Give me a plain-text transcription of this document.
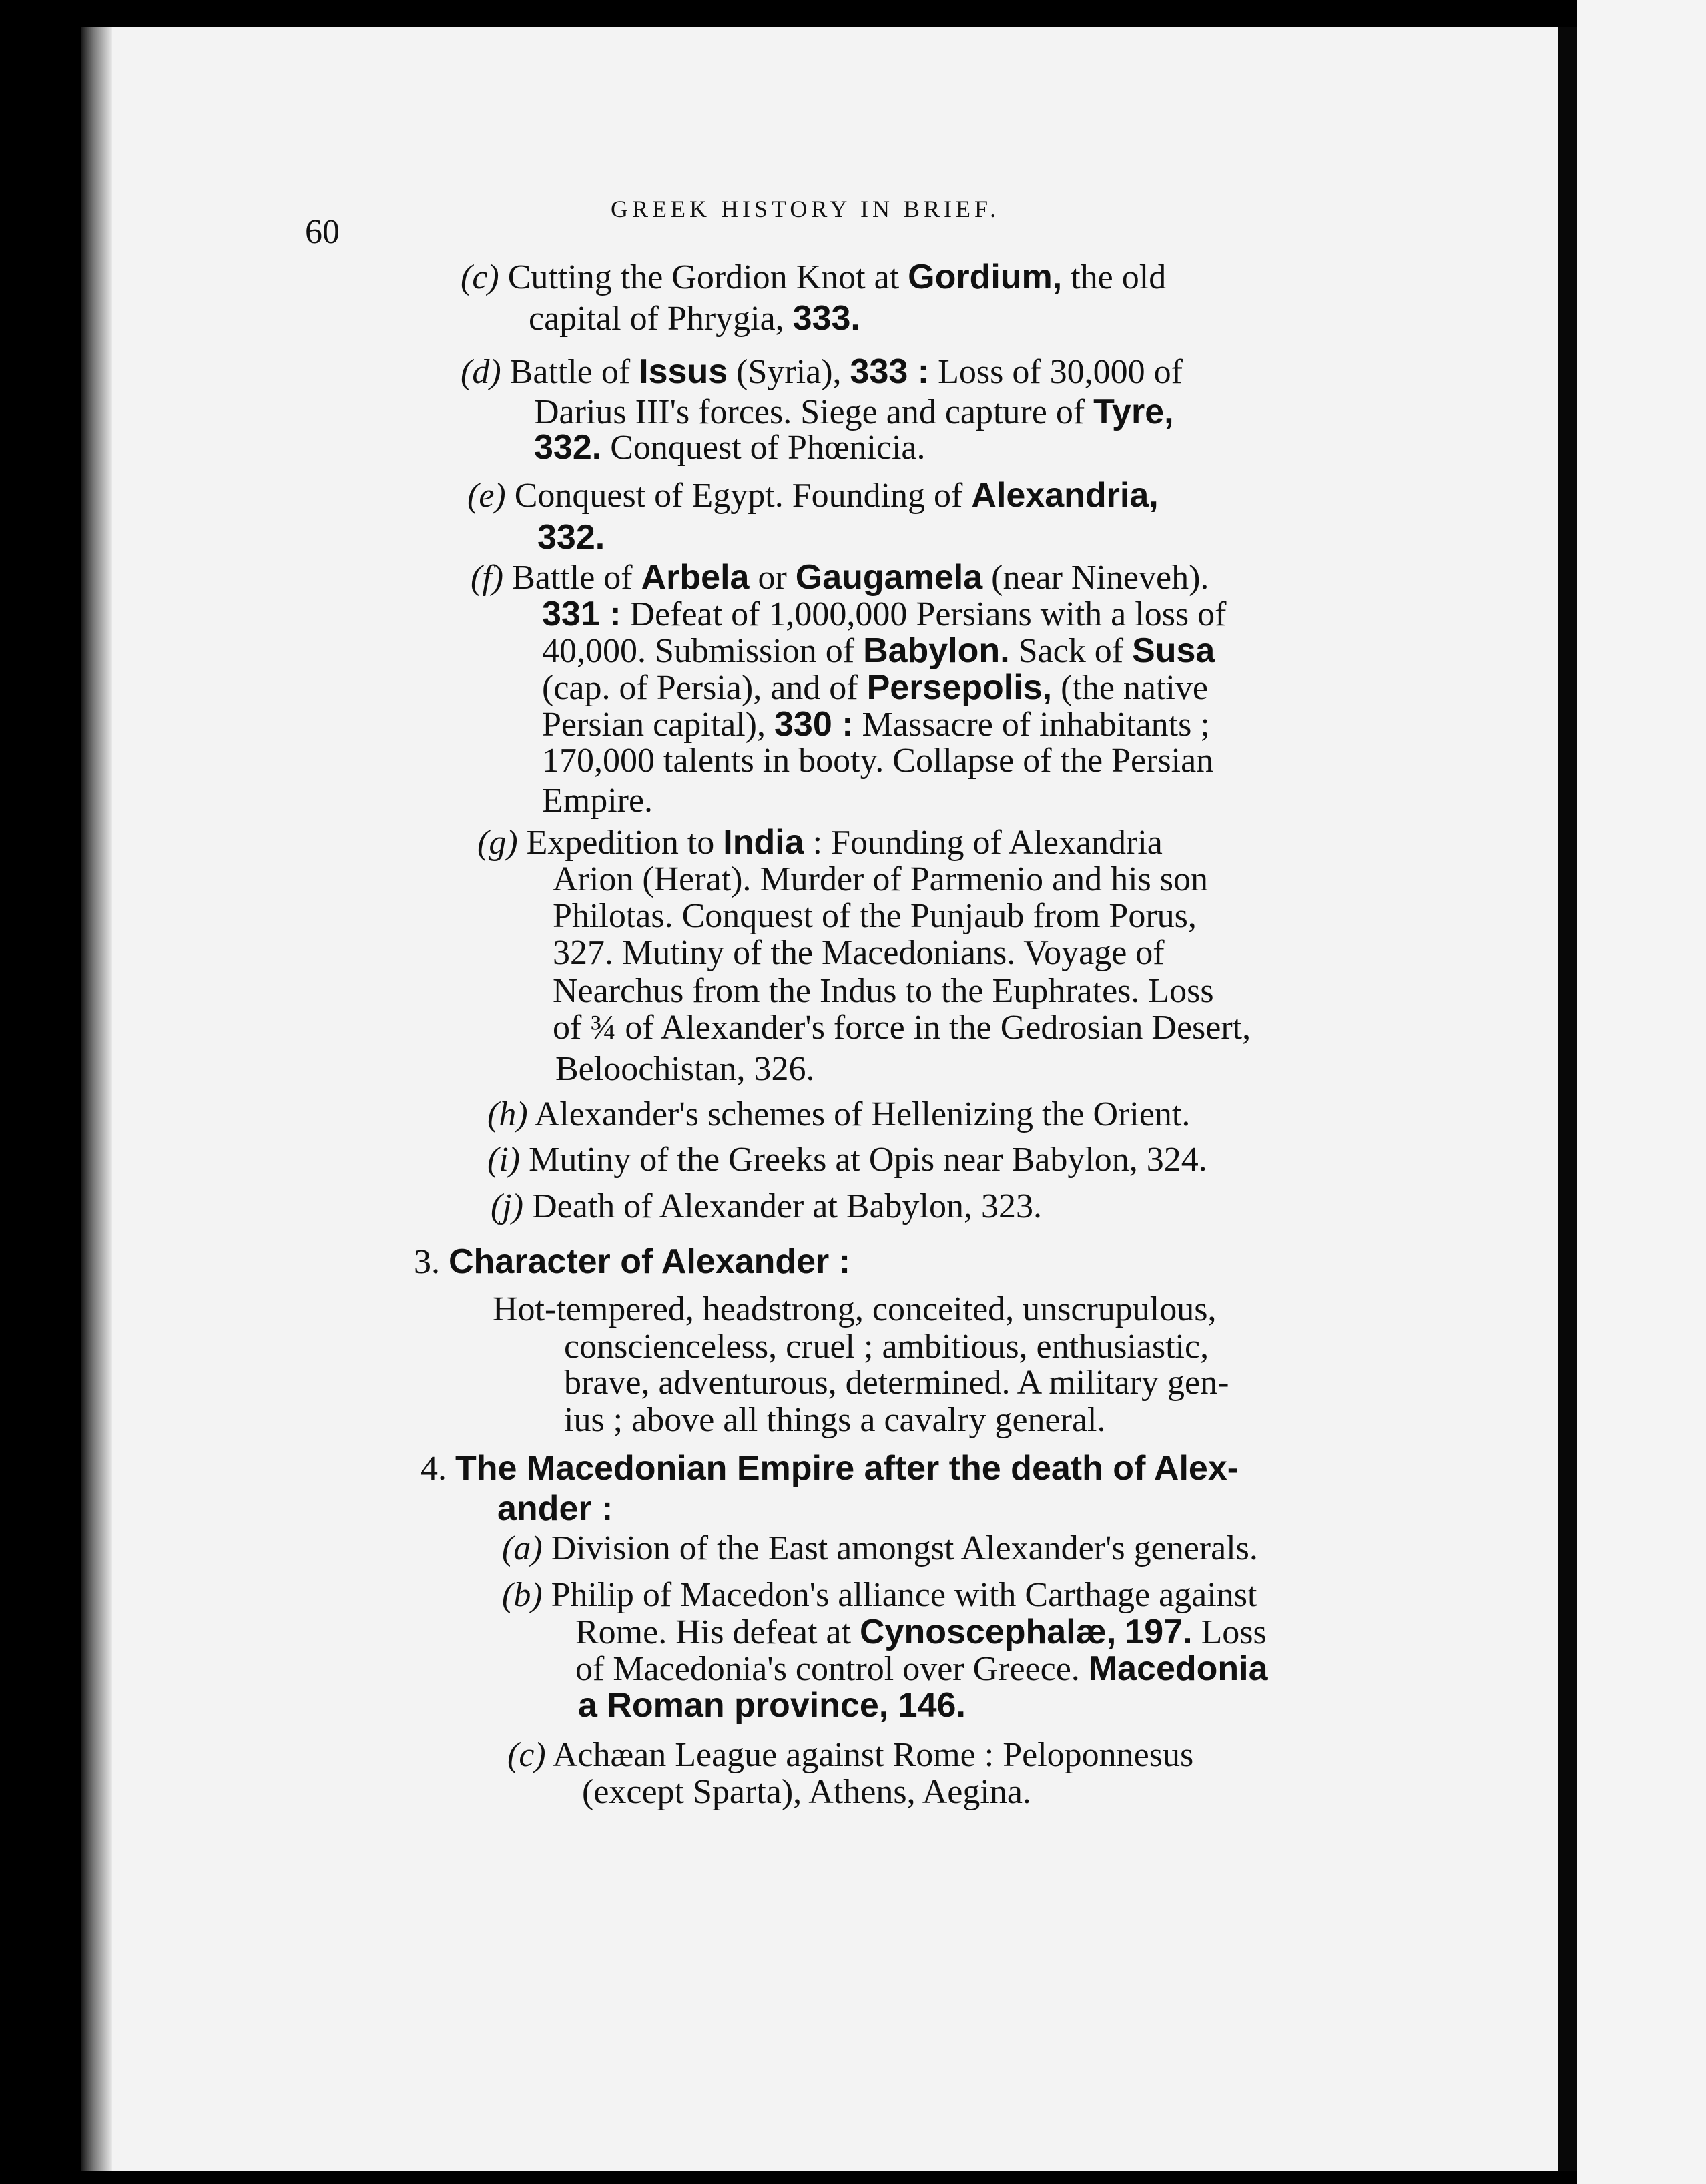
60
GREEK HISTORY IN BRIEF.
(c) Cutting the Gordion Knot at Gordium, the old
capital of Phrygia, 333.
(d) Battle of Issus (Syria), 333 : Loss of 30,000 of
Darius III's forces. Siege and capture of Tyre,
332. Conquest of Phœnicia.
(e) Conquest of Egypt. Founding of Alexandria,
332.
(f) Battle of Arbela or Gaugamela (near Nineveh).
331 : Defeat of 1,000,000 Persians with a loss of
40,000. Submission of Babylon. Sack of Susa
(cap. of Persia), and of Persepolis, (the native
Persian capital), 330 : Massacre of inhabitants ;
170,000 talents in booty. Collapse of the Persian
Empire.
(g) Expedition to India : Founding of Alexandria
Arion (Herat). Murder of Parmenio and his son
Philotas. Conquest of the Punjaub from Porus,
327. Mutiny of the Macedonians. Voyage of
Nearchus from the Indus to the Euphrates. Loss
of ¾ of Alexander's force in the Gedrosian Desert,
Beloochistan, 326.
(h) Alexander's schemes of Hellenizing the Orient.
(i) Mutiny of the Greeks at Opis near Babylon, 324.
(j) Death of Alexander at Babylon, 323.
3. Character of Alexander :
Hot-tempered, headstrong, conceited, unscrupulous,
conscienceless, cruel ; ambitious, enthusiastic,
brave, adventurous, determined. A military gen-
ius ; above all things a cavalry general.
4. The Macedonian Empire after the death of Alex-
ander :
(a) Division of the East amongst Alexander's generals.
(b) Philip of Macedon's alliance with Carthage against
Rome. His defeat at Cynoscephalæ, 197. Loss
of Macedonia's control over Greece. Macedonia
a Roman province, 146.
(c) Achæan League against Rome : Peloponnesus
(except Sparta), Athens, Aegina.
